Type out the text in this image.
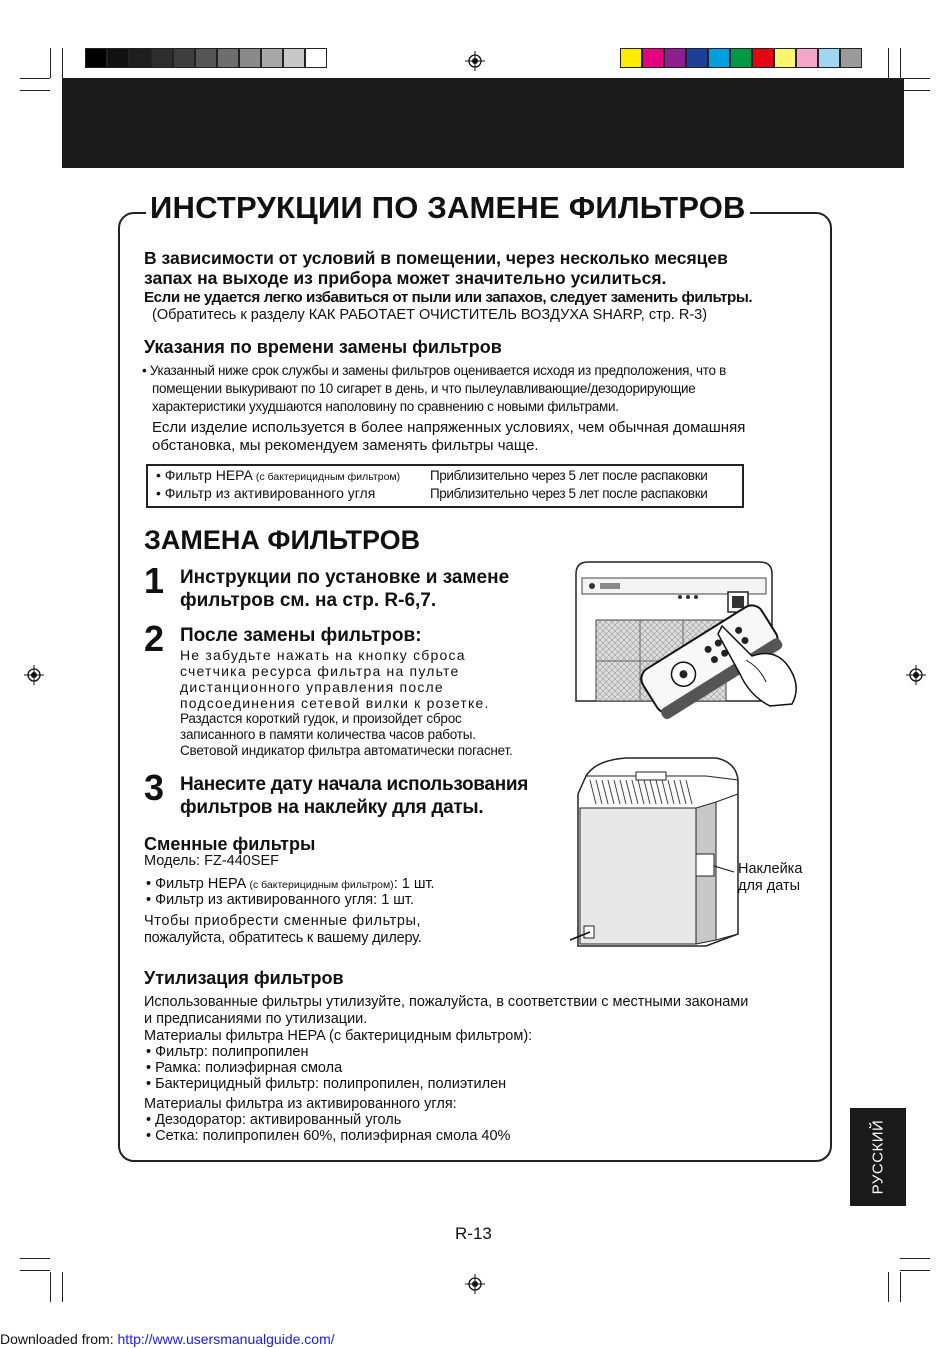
ИНСТРУКЦИИ ПО ЗАМЕНЕ ФИЛЬТРОВ
В зависимости от условий в помещении, через несколько месяцев
запах на выходе из прибора может значительно усилиться.
Если не удается легко избавиться от пыли или запахов, следует заменить фильтры.
(Обратитесь к разделу КАК РАБОТАЕТ ОЧИСТИТЕЛЬ ВОЗДУХА SHARP, стр. R-3)
Указания по времени замены фильтров
• Указанный ниже срок службы и замены фильтров оценивается исходя из предположения, что в
помещении выкуривают по 10 сигарет в день, и что пылеулавливающие/дезодорирующие
характеристики ухудшаются наполовину по сравнению с новыми фильтрами.
Если изделие используется в более напряженных условиях, чем обычная домашняя
обстановка, мы рекомендуем заменять фильтры чаще.
• Фильтр HEPA (с бактерицидным фильтром) Приблизительно через 5 лет после распаковки
• Фильтр из активированного угля	Приблизительно через 5 лет после распаковки
ЗАМЕНА ФИЛЬТРОВ
1 Инструкции по установке и замене
фильтров см. на стр. R-6,7.
2 После замены фильтров:
Не забудьте нажать на кнопку сброса
счетчика ресурса фильтра на пульте
дистанционного управления после
подсоединения сетевой вилки к розетке.
Раздастся короткий гудок, и произойдет сброс
записанного в памяти количества часов работы.
Световой индикатор фильтра автоматически погаснет.
3 Нанесите дату начала использования
фильтров на наклейку для даты.
Наклейка
для даты
Сменные фильтры
Модель: FZ-440SEF
• Фильтр HEPA (с бактерицидным фильтром): 1 шт.
• Фильтр из активированного угля: 1 шт.
Чтобы приобрести сменные фильтры,
пожалуйста, обратитесь к вашему дилеру.
Утилизация фильтров
Использованные фильтры утилизуйте, пожалуйста, в соответствии с местными законами
и предписаниями по утилизации.
Материалы фильтра HEPA (с бактерицидным фильтром):
• Фильтр: полипропилен
• Рамка: полиэфирная смола
• Бактерицидный фильтр: полипропилен, полиэтилен
Материалы фильтра из активированного угля:
• Дезодоратор: активированный уголь
• Сетка: полипропилен 60%, полиэфирная смола 40%	РУССКИЙ
R-13
Downloaded from: http://www.usersmanualguide.com/
